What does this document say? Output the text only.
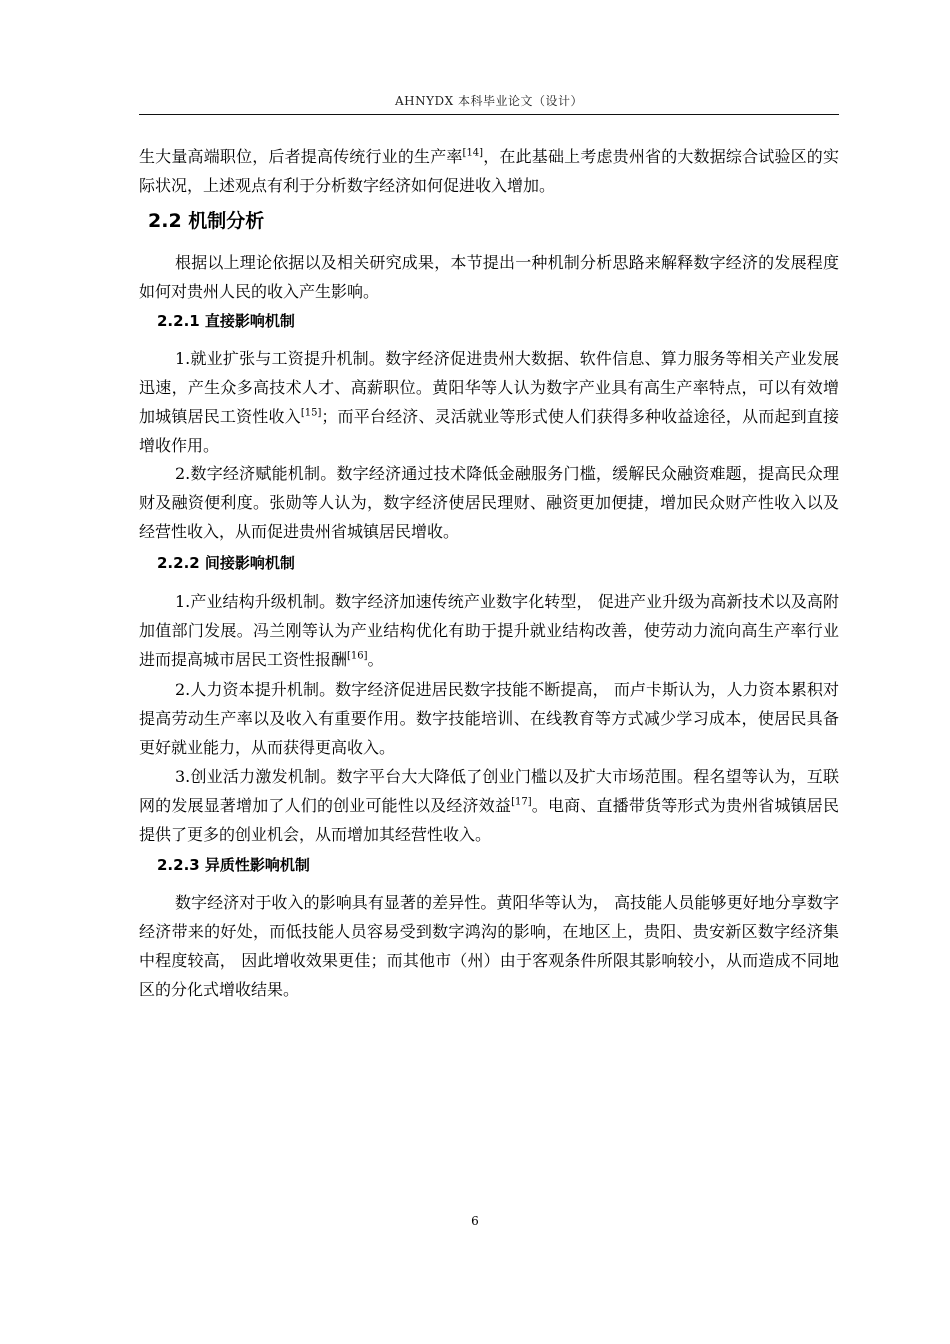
AHNYDX 本科毕业论文（设计）

生大量高端职位，后者提高传统行业的生产率[14]，在此基础上考虑贵州省的大数据综合试验区的实际状况，上述观点有利于分析数字经济如何促进收入增加。

2.2 机制分析

根据以上理论依据以及相关研究成果，本节提出一种机制分析思路来解释数字经济的发展程度如何对贵州人民的收入产生影响。

2.2.1 直接影响机制

1.就业扩张与工资提升机制。数字经济促进贵州大数据、软件信息、算力服务等相关产业发展迅速，产生众多高技术人才、高薪职位。黄阳华等人认为数字产业具有高生产率特点，可以有效增加城镇居民工资性收入[15]；而平台经济、灵活就业等形式使人们获得多种收益途径，从而起到直接增收作用。

2.数字经济赋能机制。数字经济通过技术降低金融服务门槛，缓解民众融资难题，提高民众理财及融资便利度。张勋等人认为，数字经济使居民理财、融资更加便捷，增加民众财产性收入以及经营性收入，从而促进贵州省城镇居民增收。

2.2.2 间接影响机制

1.产业结构升级机制。数字经济加速传统产业数字化转型， 促进产业升级为高新技术以及高附加值部门发展。冯兰刚等认为产业结构优化有助于提升就业结构改善，使劳动力流向高生产率行业进而提高城市居民工资性报酬[16]。

2.人力资本提升机制。数字经济促进居民数字技能不断提高， 而卢卡斯认为，人力资本累积对提高劳动生产率以及收入有重要作用。数字技能培训、在线教育等方式减少学习成本，使居民具备更好就业能力，从而获得更高收入。

3.创业活力激发机制。数字平台大大降低了创业门槛以及扩大市场范围。程名望等认为，互联网的发展显著增加了人们的创业可能性以及经济效益[17]。电商、直播带货等形式为贵州省城镇居民提供了更多的创业机会，从而增加其经营性收入。

2.2.3 异质性影响机制

数字经济对于收入的影响具有显著的差异性。黄阳华等认为， 高技能人员能够更好地分享数字经济带来的好处，而低技能人员容易受到数字鸿沟的影响，在地区上，贵阳、贵安新区数字经济集中程度较高， 因此增收效果更佳；而其他市（州）由于客观条件所限其影响较小，从而造成不同地区的分化式增收结果。

6
